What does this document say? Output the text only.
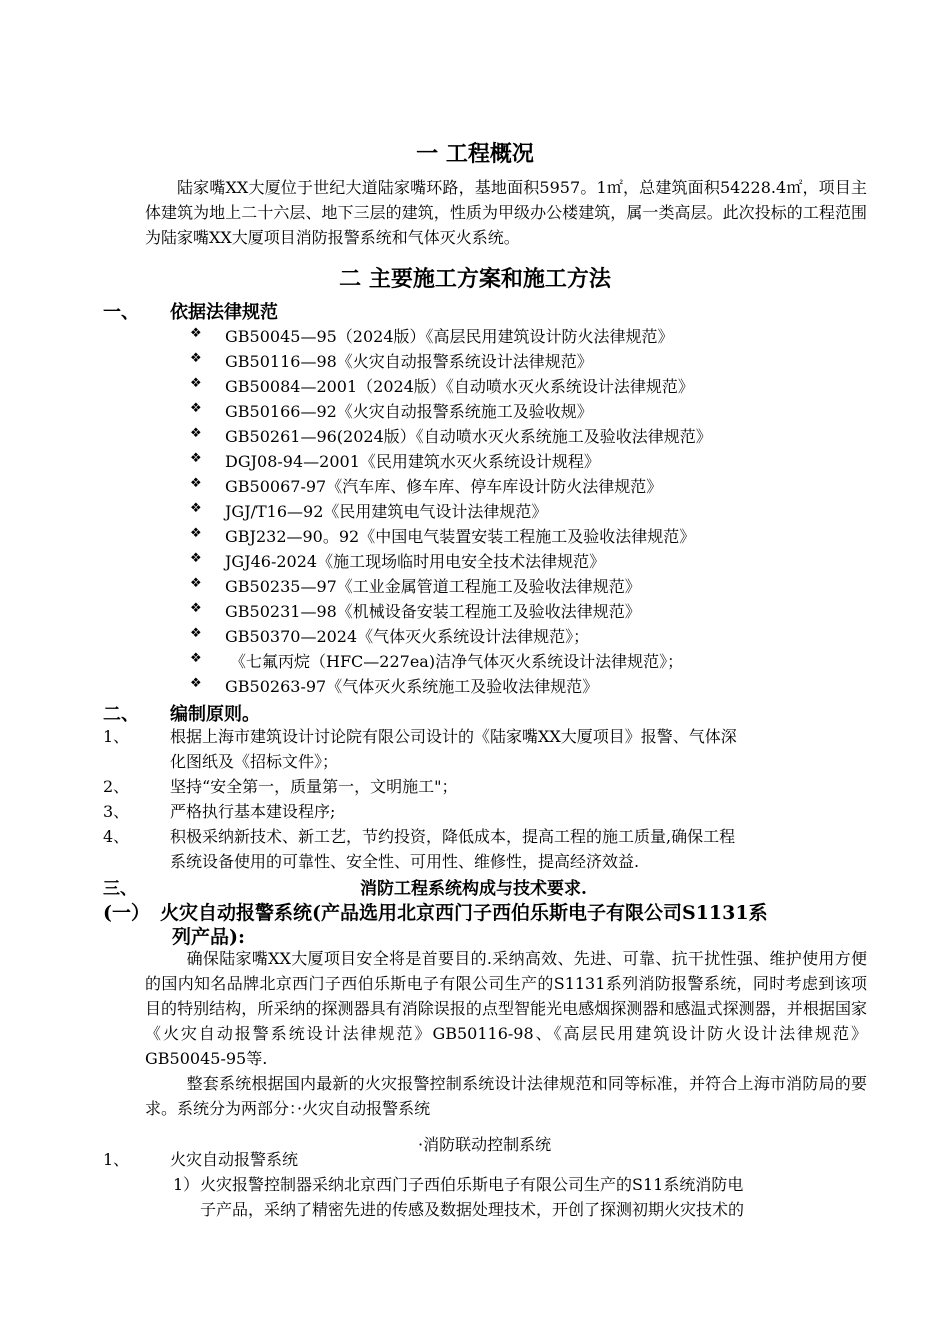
一 工程概况
陆家嘴XX大厦位于世纪大道陆家嘴环路，基地面积5957。1㎡，总建筑面积54228.4㎡，项目主体建筑为地上二十六层、地下三层的建筑，性质为甲级办公楼建筑，属一类高层。此次投标的工程范围为陆家嘴XX大厦项目消防报警系统和气体灭火系统。
二 主要施工方案和施工方法
一、 依据法律规范
❖ GB50045—95（2024版）《高层民用建筑设计防火法律规范》
❖ GB50116—98《火灾自动报警系统设计法律规范》
❖ GB50084—2001（2024版）《自动喷水灭火系统设计法律规范》
❖ GB50166—92《火灾自动报警系统施工及验收规》
❖ GB50261—96(2024版）《自动喷水灭火系统施工及验收法律规范》
❖ DGJ08-94—2001《民用建筑水灭火系统设计规程》
❖ GB50067-97《汽车库、修车库、停车库设计防火法律规范》
❖ JGJ/T16—92《民用建筑电气设计法律规范》
❖ GBJ232—90。92《中国电气装置安装工程施工及验收法律规范》
❖ JGJ46-2024《施工现场临时用电安全技术法律规范》
❖ GB50235—97《工业金属管道工程施工及验收法律规范》
❖ GB50231—98《机械设备安装工程施工及验收法律规范》
❖ GB50370—2024《气体灭火系统设计法律规范》；
❖ 《七氟丙烷（HFC—227ea)洁净气体灭火系统设计法律规范》；
❖ GB50263-97《气体灭火系统施工及验收法律规范》
二、 编制原则。
1、	根据上海市建筑设计讨论院有限公司设计的《陆家嘴XX大厦项目》报警、气体深
化图纸及《招标文件》；
2、	坚持“安全第一，质量第一，文明施工"；
3、	严格执行基本建设程序;
4、	积极采纳新技术、新工艺，节约投资，降低成本，提高工程的施工质量,确保工程
系统设备使用的可靠性、安全性、可用性、维修性，提高经济效益.
三、	消防工程系统构成与技术要求.
(一） 火灾自动报警系统(产品选用北京西门子西伯乐斯电子有限公司S1131系
列产品):
确保陆家嘴XX大厦项目安全将是首要目的.采纳高效、先进、可靠、抗干扰性强、维护使用方便的国内知名品牌北京西门子西伯乐斯电子有限公司生产的S1131系列消防报警系统，同时考虑到该项目的特别结构，所采纳的探测器具有消除误报的点型智能光电感烟探测器和感温式探测器，并根据国家《火灾自动报警系统设计法律规范》GB50116-98、《高层民用建筑设计防火设计法律规范》GB50045-95等.
整套系统根据国内最新的火灾报警控制系统设计法律规范和同等标准，并符合上海市消防局的要求。系统分为两部分：·火灾自动报警系统
·消防联动控制系统
1、	火灾自动报警系统
1） 火灾报警控制器采纳北京西门子西伯乐斯电子有限公司生产的S11系统消防电
子产品，采纳了精密先进的传感及数据处理技术，开创了探测初期火灾技术的
